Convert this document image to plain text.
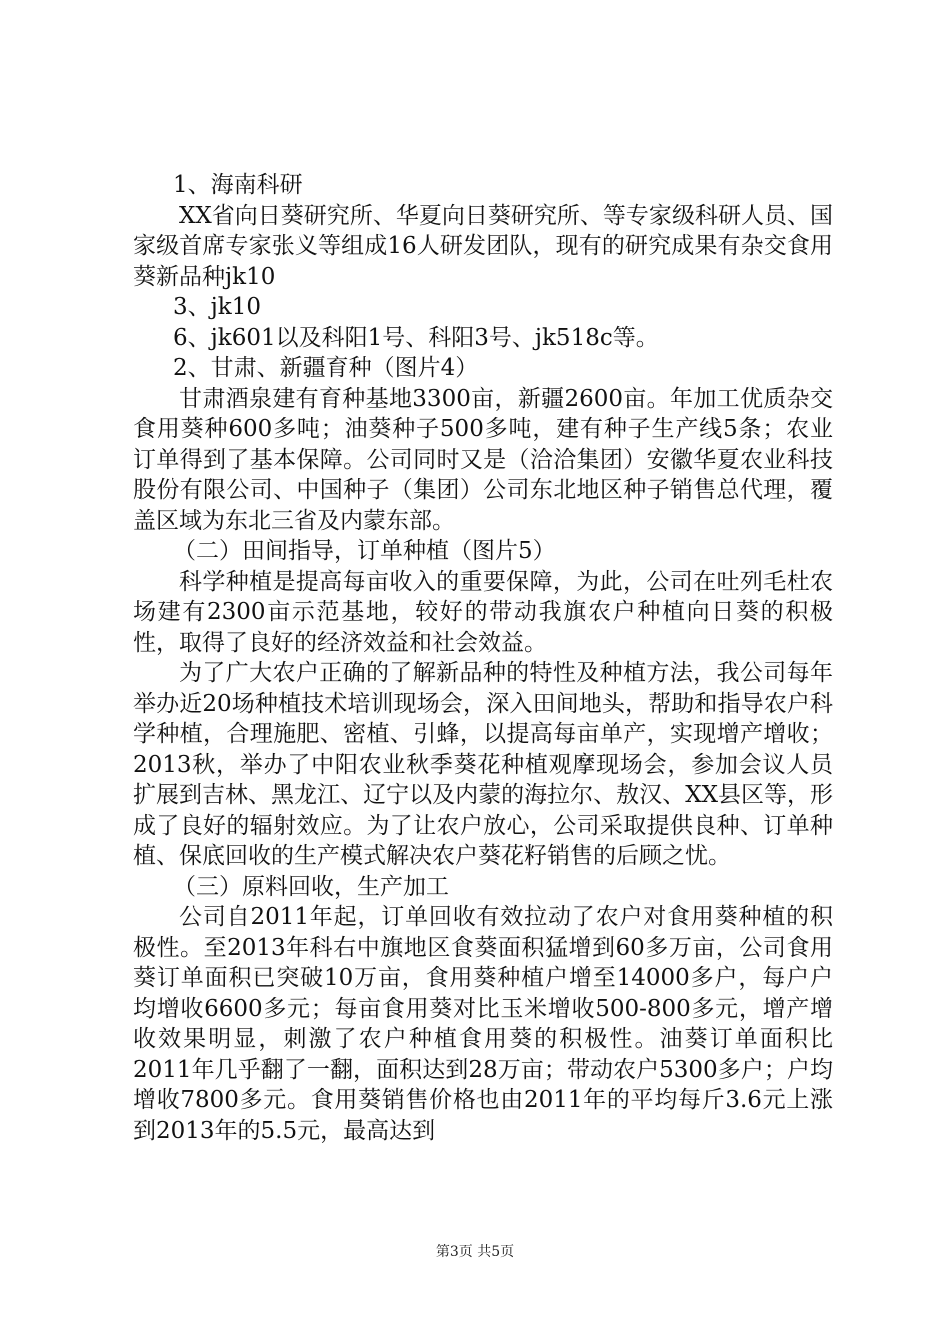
1、海南科研

XX省向日葵研究所、华夏向日葵研究所、等专家级科研人员、国家级首席专家张义等组成16人研发团队，现有的研究成果有杂交食用葵新品种jk10

3、jk10

6、jk601以及科阳1号、科阳3号、jk518c等。

2、甘肃、新疆育种（图片4）

甘肃酒泉建有育种基地3300亩，新疆2600亩。年加工优质杂交食用葵种600多吨；油葵种子500多吨，建有种子生产线5条；农业订单得到了基本保障。公司同时又是（洽洽集团）安徽华夏农业科技股份有限公司、中国种子（集团）公司东北地区种子销售总代理，覆盖区域为东北三省及内蒙东部。

（二）田间指导，订单种植（图片5）

科学种植是提高每亩收入的重要保障，为此，公司在吐列毛杜农场建有2300亩示范基地，较好的带动我旗农户种植向日葵的积极性，取得了良好的经济效益和社会效益。

为了广大农户正确的了解新品种的特性及种植方法，我公司每年举办近20场种植技术培训现场会，深入田间地头，帮助和指导农户科学种植，合理施肥、密植、引蜂，以提高每亩单产，实现增产增收；2013秋，举办了中阳农业秋季葵花种植观摩现场会，参加会议人员扩展到吉林、黑龙江、辽宁以及内蒙的海拉尔、敖汉、XX县区等，形成了良好的辐射效应。为了让农户放心，公司采取提供良种、订单种植、保底回收的生产模式解决农户葵花籽销售的后顾之忧。

（三）原料回收，生产加工

公司自2011年起，订单回收有效拉动了农户对食用葵种植的积极性。至2013年科右中旗地区食葵面积猛增到60多万亩，公司食用葵订单面积已突破10万亩，食用葵种植户增至14000多户，每户户均增收6600多元；每亩食用葵对比玉米增收500-800多元，增产增收效果明显，刺激了农户种植食用葵的积极性。油葵订单面积比2011年几乎翻了一翻，面积达到28万亩；带动农户5300多户；户均增收7800多元。食用葵销售价格也由2011年的平均每斤3.6元上涨到2013年的5.5元，最高达到

第3页 共5页
